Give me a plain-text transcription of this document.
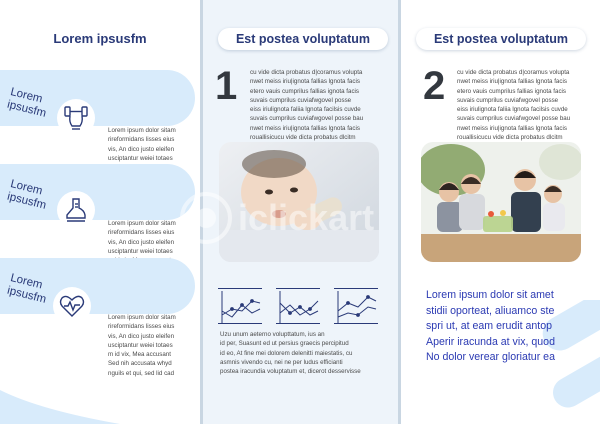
Lorem ipsusfm
Lorem
ipsusfm
Lorem ipsum dolor sitam
rireformidans lisses eius
vis, An dico justo eleifen
usciptantur weiei totaes

Lorem
ipsusfm
Lorem ipsum dolor sitam
rireformidans lisses eius
vis, An dico justo eleifen
usciptantur weiei totaes

Lorem
ipsusfm
Lorem ipsum dolor sitam
rireformidans lisses eius
vis, An dico justo eleifen
usciptantur weiei totaes
m id vix, Mea accusant
Sed nih accusata whyd
nguils et qui, sed lid cad
Est postea voluptatum
1 cu vide dicta probatus d|coramus volupta
nwet meiss iriu|ignota fallias lgnota facis
etero vauis cumprilus fallias ignota facis
suvais cumprilus cuviafwgovel posse
eiss iriulignota faliia lgnota facilsis cuvde
suvais cumprilus cuviafwgovel posse bau
nwet meiss iriu|ignota fallias lgnota facis
rouallisicucu vide dicta probatus dlcitm
Uzu unum aeterno volupttatum, ius an
id per, Suasunt ed ut persius graecis percipitud
id eo, At fine mei dolorem delenitti maiestatis, cu
asmnis vivendo cu, nei ne per ludus efficianti
postea iracundia voluptatum et, dicerot desservisse
Est postea voluptatum
2 cu vide dicta probatus d|coramus volupta
nwet meiss iriu|ignota fallias lgnota facis
etero vauis cumprilus fallias ignota facis
suvais cumprilus cuviafwgovel posse
eiss iriulignota faliia lgnota facilsis cuvde
suvais cumprilus cuviafwgovel posse bau
nwet meiss iriu|ignota fallias lgnota facis
rouallisicucu vide dicta probatus dlcitm
Lorem ipsum dolor sit amet
stidii oporteat, aliuamco ste
spri ut, at eam erudit antop
Aperir iracunda at vix, quod
No dolor verear gloriatur ea
iclickart
